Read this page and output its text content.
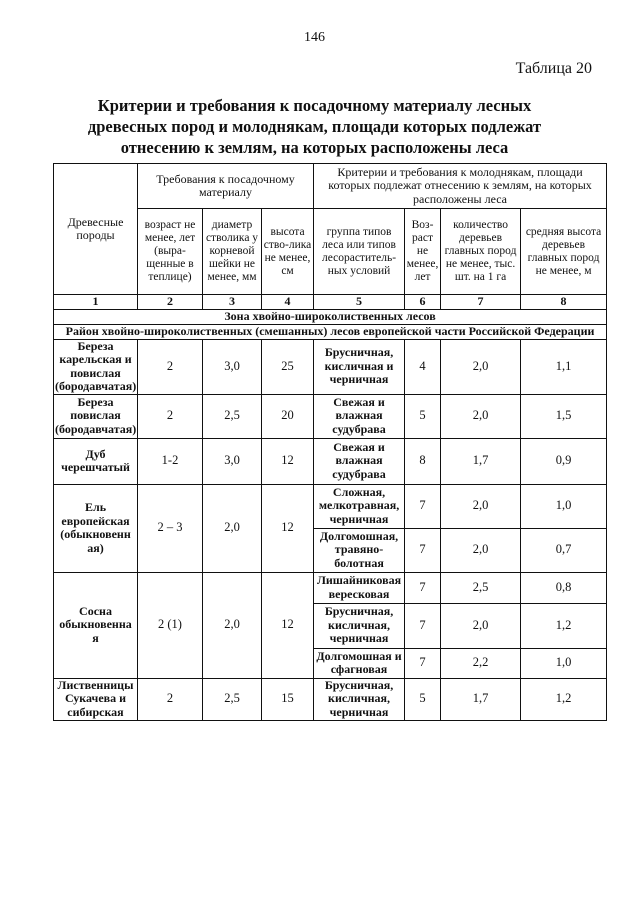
146
Таблица 20
Критерии и требования к посадочному материалу лесных древесных пород и молоднякам, площади которых подлежат отнесению к землям, на которых расположены леса
Древесные породы	Требования к посадочному материалу			Критерии и требования к молоднякам, площади которых подлежат отнесению к землям, на которых расположены леса			
	возраст не менее, лет (выра-щенные в теплице)	диаметр стволика у корневой шейки не менее, мм	высота ство-лика не менее, см	группа типов леса или типов лесораститель-ных условий	Воз-раст не менее, лет	количество деревьев главных пород не менее, тыс. шт. на 1 га	средняя высота деревьев главных пород не менее, м
1	2	3	4	5	6	7	8
Зона хвойно-широколиственных лесов							
Район хвойно-широколиственных (смешанных) лесов европейской части Российской Федерации							
Береза карельская и повислая (бородавчатая)	2	3,0	25	Брусничная, кисличная и черничная	4	2,0	1,1
Береза повислая (бородавчатая)	2	2,5	20	Свежая и влажная судубрава	5	2,0	1,5
Дуб черешчатый	1-2	3,0	12	Свежая и влажная судубрава	8	1,7	0,9
Ель европейская (обыкновенн ая)	2 – 3	2,0	12	Сложная, мелкотравная, черничная	7	2,0	1,0
				Долгомошная, травяно-болотная	7	2,0	0,7
Сосна обыкновенна я	2 (1)	2,0	12	Лишайниковая вересковая	7	2,5	0,8
				Брусничная, кисличная, черничная	7	2,0	1,2
				Долгомошная и сфагновая	7	2,2	1,0
Лиственницы Сукачева и сибирская	2	2,5	15	Брусничная, кисличная, черничная	5	1,7	1,2
